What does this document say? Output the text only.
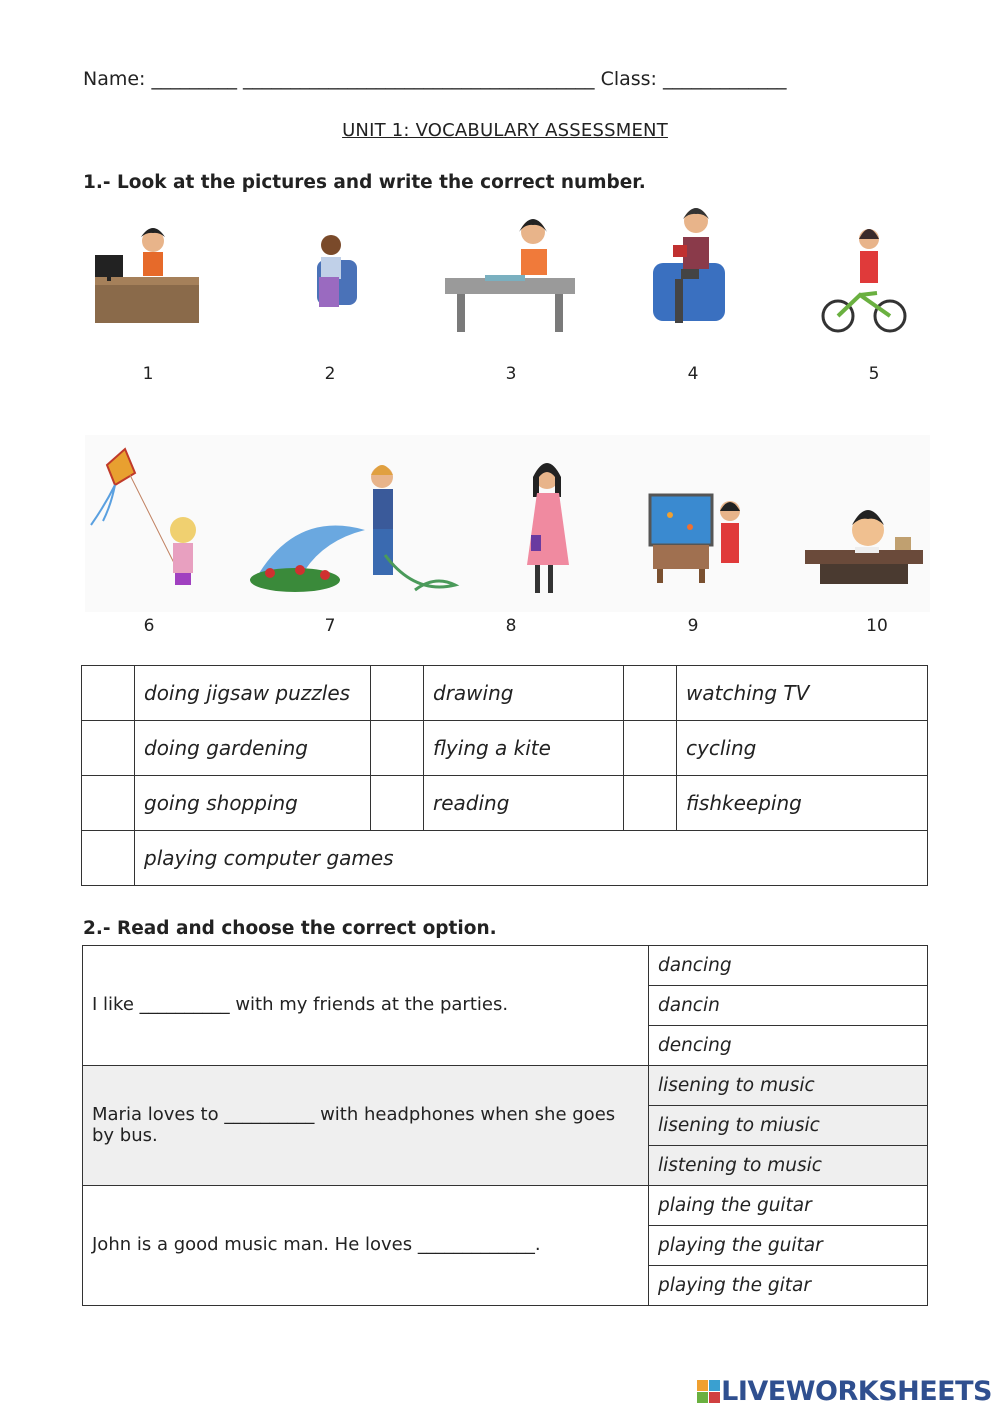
Name: _________ _____________________________________ Class: _____________
UNIT 1: VOCABULARY ASSESSMENT
1.- Look at the pictures and write the correct number.
1	2	3	4	5
6	7	8	9	10
	doing jigsaw puzzles		drawing		watching TV
	doing gardening		flying a kite		cycling
	going shopping		reading		fishkeeping
	playing computer games				
2.- Read and choose the correct option.
I like __________ with my friends at the parties.	dancing
	dancin
	dencing
Maria loves to __________ with headphones when she goes by bus.	lisening to music
	lisening to miusic
	listening to music
John is a good music man. He loves _____________.	plaing the guitar
	playing the guitar
	playing the gitar
LIVEWORKSHEETS
